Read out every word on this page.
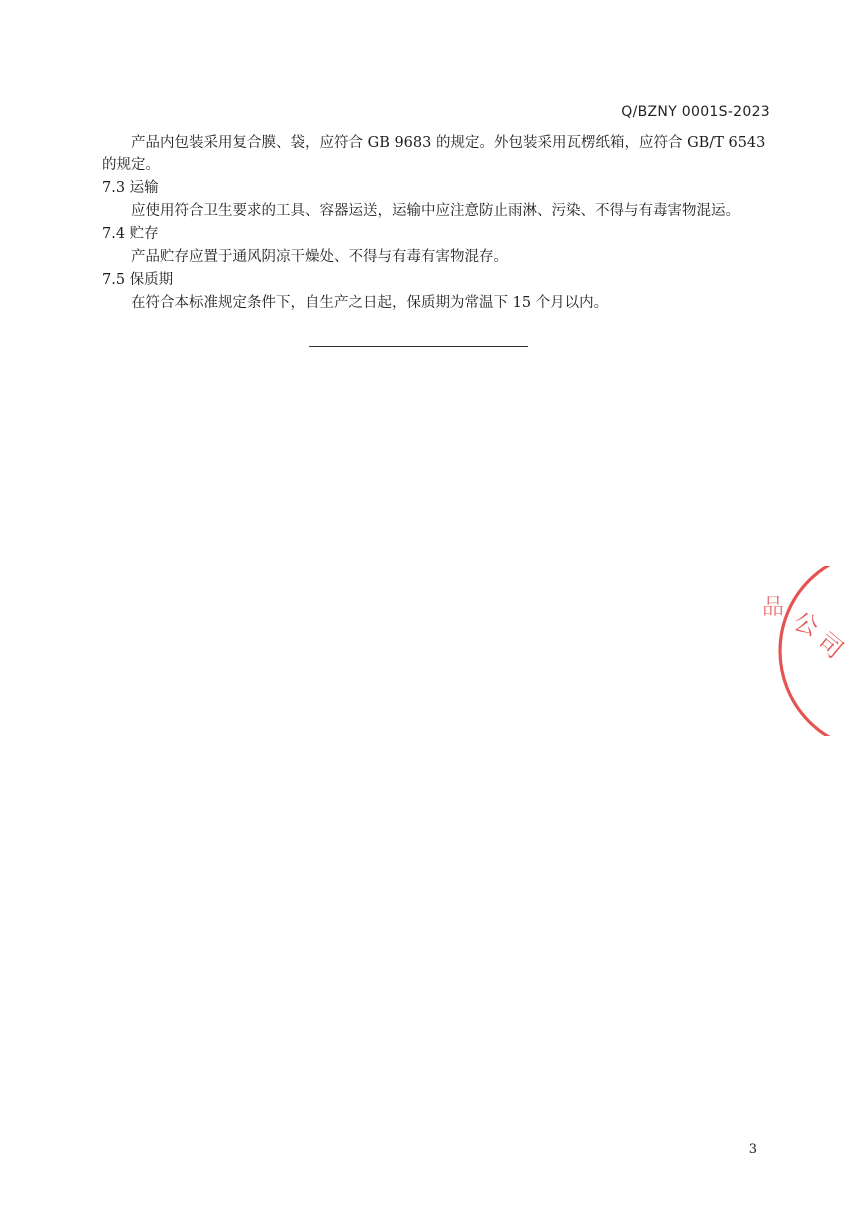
Q/BZNY 0001S-2023
产品内包装采用复合膜、袋，应符合 GB 9683 的规定。外包装采用瓦楞纸箱，应符合 GB/T 6543
的规定。
7.3 运输
应使用符合卫生要求的工具、容器运送，运输中应注意防止雨淋、污染、不得与有毒害物混运。
7.4 贮存
产品贮存应置于通风阴凉干燥处、不得与有毒有害物混存。
7.5 保质期
在符合本标准规定条件下，自生产之日起，保质期为常温下 15 个月以内。
公
司
品
3
